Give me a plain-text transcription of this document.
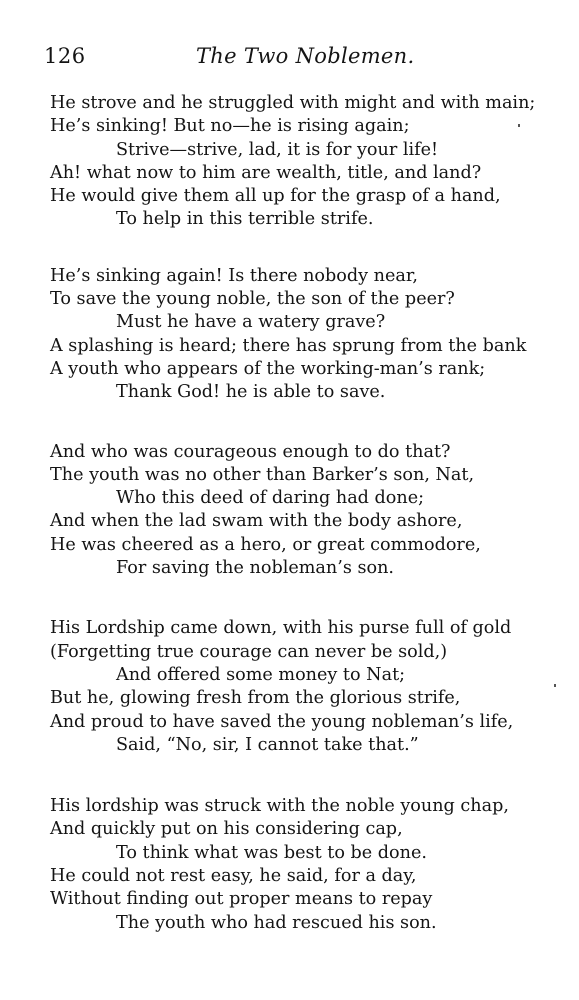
126	The Two Noblemen.
He strove and he struggled with might and with main;
He’s sinking! But no—he is rising again;
Strive—strive, lad, it is for your life!
Ah! what now to him are wealth, title, and land?
He would give them all up for the grasp of a hand,
To help in this terrible strife.
He’s sinking again! Is there nobody near,
To save the young noble, the son of the peer?
Must he have a watery grave?
A splashing is heard; there has sprung from the bank
A youth who appears of the working-man’s rank;
Thank God! he is able to save.
And who was courageous enough to do that?
The youth was no other than Barker’s son, Nat,
Who this deed of daring had done;
And when the lad swam with the body ashore,
He was cheered as a hero, or great commodore,
For saving the nobleman’s son.
His Lordship came down, with his purse full of gold
(Forgetting true courage can never be sold,)
And offered some money to Nat;
But he, glowing fresh from the glorious strife,
And proud to have saved the young nobleman’s life,
Said, “No, sir, I cannot take that.”
His lordship was struck with the noble young chap,
And quickly put on his considering cap,
To think what was best to be done.
He could not rest easy, he said, for a day,
Without finding out proper means to repay
The youth who had rescued his son.
